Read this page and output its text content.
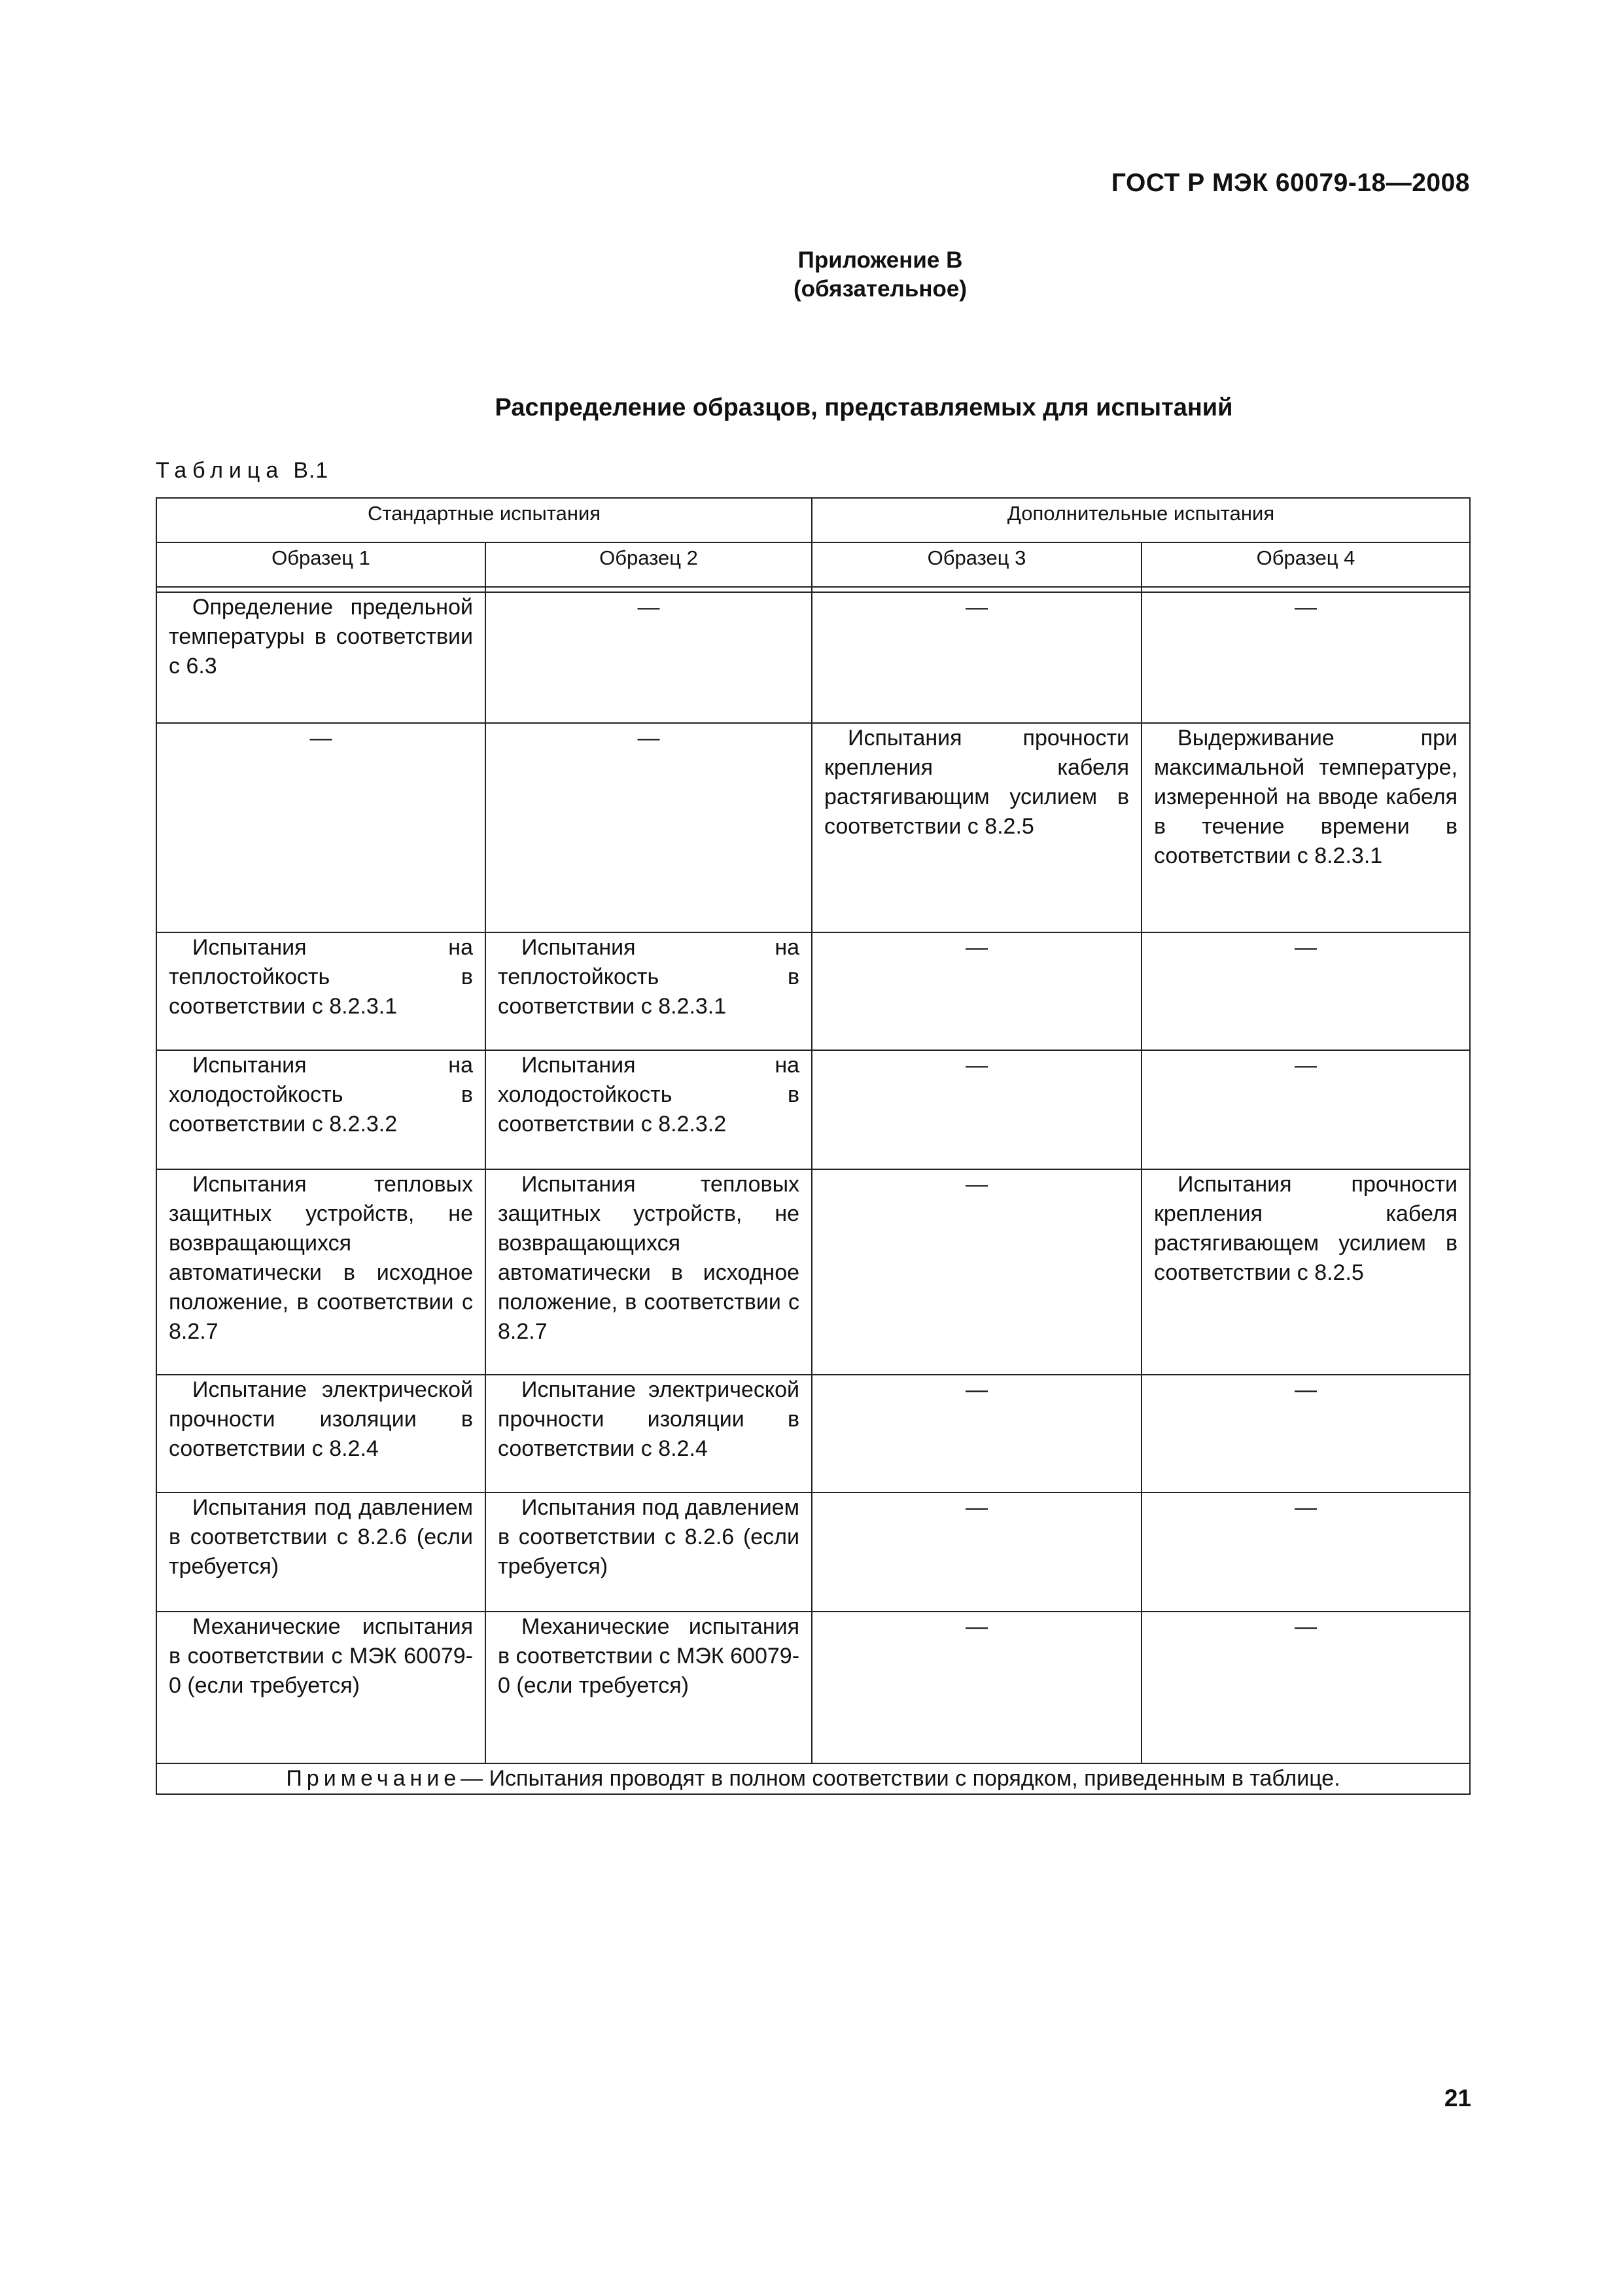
ГОСТ Р МЭК 60079-18—2008
Приложение В
(обязательное)
Распределение образцов, представляемых для испытаний
Таблица В.1
Стандартные испытания		Дополнительные испытания	
Образец 1	Образец 2	Образец 3	Образец 4

Определение предельной температуры в соответствии с 6.3	—	—	—
—	—	Испытания прочности крепления кабеля растягивающим усилием в соответствии с 8.2.5	Выдерживание при максимальной температуре, измеренной на вводе кабеля в течение времени в соответствии с 8.2.3.1

Испытания на теплостойкость в соответствии с 8.2.3.1	Испытания на теплостойкость в соответствии с 8.2.3.1	—	—

Испытания на холодостойкость в соответствии с 8.2.3.2	Испытания на холодостойкость в соответствии с 8.2.3.2	—	—

Испытания тепловых защитных устройств, не возвращающихся автоматически в исходное положение, в соответствии с 8.2.7	Испытания тепловых защитных устройств, не возвращающихся автоматически в исходное положение, в соответствии с 8.2.7	—	Испытания прочности крепления кабеля растягивающем усилием в соответствии с 8.2.5

Испытание электрической прочности изоляции в соответствии с 8.2.4	Испытание электрической прочности изоляции в соответствии с 8.2.4	—	—

Испытания под давлением в соответствии с 8.2.6 (если требуется)	Испытания под давлением в соответствии с 8.2.6 (если требуется)	—	—

Механические испытания в соответствии с МЭК 60079-0 (если требуется)	Механические испытания в соответствии с МЭК 60079-0 (если требуется)	—	—
Примечание— Испытания проводят в полном соответствии с порядком, приведенным в таблице.			
21
